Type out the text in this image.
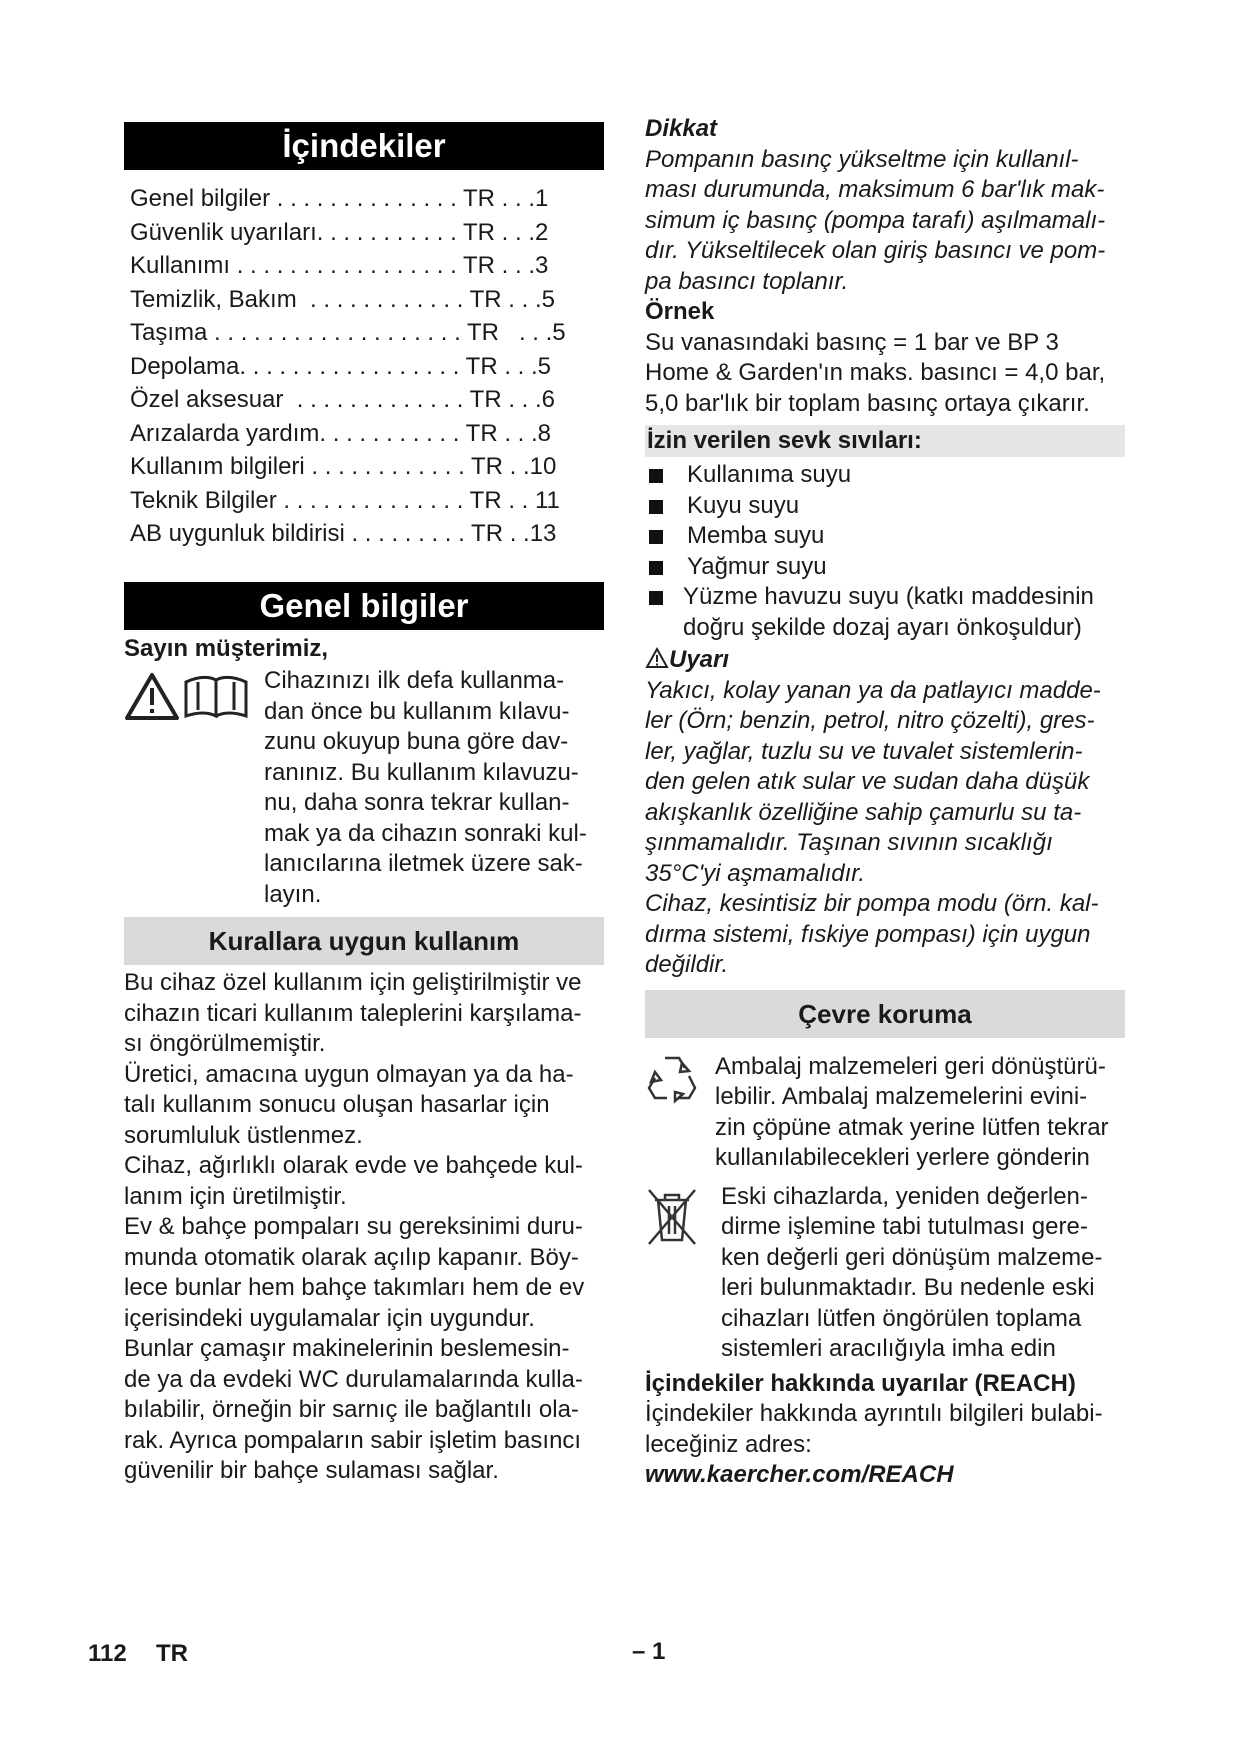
İçindekiler

Genel bilgiler . . . . . . . . . . . . . . TR . . .1

Güvenlik uyarıları. . . . . . . . . . . TR . . .2

Kullanımı . . . . . . . . . . . . . . . . . TR . . .3

Temizlik, Bakım  . . . . . . . . . . . . TR . . .5

Taşıma . . . . . . . . . . . . . . . . . . . TR   . . .5

Depolama. . . . . . . . . . . . . . . . . TR . . .5

Özel aksesuar  . . . . . . . . . . . . . TR . . .6

Arızalarda yardım. . . . . . . . . . . TR . . .8

Kullanım bilgileri . . . . . . . . . . . . TR . .10

Teknik Bilgiler . . . . . . . . . . . . . . TR . . 11

AB uygunluk bildirisi . . . . . . . . . TR . .13

Genel bilgiler

Sayın müşterimiz,

Cihazınızı ilk defa kullanma-

dan önce bu kullanım kılavu-

zunu okuyup buna göre dav-

ranınız. Bu kullanım kılavuzu-

nu, daha sonra tekrar kullan-

mak ya da cihazın sonraki kul-

lanıcılarına iletmek üzere sak-

layın.

Kurallara uygun kullanım

Bu cihaz özel kullanım için geliştirilmiştir ve

cihazın ticari kullanım taleplerini karşılama-

sı öngörülmemiştir.

Üretici, amacına uygun olmayan ya da ha-

talı kullanım sonucu oluşan hasarlar için

sorumluluk üstlenmez.

Cihaz, ağırlıklı olarak evde ve bahçede kul-

lanım için üretilmiştir.

Ev & bahçe pompaları su gereksinimi duru-

munda otomatik olarak açılıp kapanır. Böy-

lece bunlar hem bahçe takımları hem de ev

içerisindeki uygulamalar için uygundur.

Bunlar çamaşır makinelerinin beslemesin-

de ya da evdeki WC durulamalarında kulla-

bılabilir, örneğin bir sarnıç ile bağlantılı ola-

rak. Ayrıca pompaların sabir işletim basıncı

güvenilir bir bahçe sulaması sağlar.

Dikkat

Pompanın basınç yükseltme için kullanıl-

ması durumunda, maksimum 6 bar'lık mak-

simum iç basınç (pompa tarafı) aşılmamalı-

dır. Yükseltilecek olan giriş basıncı ve pom-

pa basıncı toplanır.

Örnek

Su vanasındaki basınç = 1 bar ve BP 3

Home & Garden'ın maks. basıncı = 4,0 bar,

5,0 bar'lık bir toplam basınç ortaya çıkarır.

İzin verilen sevk sıvıları:
Kullanıma suyu
Kuyu suyu
Memba suyu
Yağmur suyu
Yüzme havuzu suyu (katkı maddesinin
doğru şekilde dozaj ayarı önkoşuldur)

Uyarı

Yakıcı, kolay yanan ya da patlayıcı madde-

ler (Örn; benzin, petrol, nitro çözelti), gres-

ler, yağlar, tuzlu su ve tuvalet sistemlerin-

den gelen atık sular ve sudan daha düşük

akışkanlık özelliğine sahip çamurlu su ta-

şınmamalıdır. Taşınan sıvının sıcaklığı

35°C'yi aşmamalıdır.

Cihaz, kesintisiz bir pompa modu (örn. kal-

dırma sistemi, fıskiye pompası) için uygun

değildir.

Çevre koruma

Ambalaj malzemeleri geri dönüştürü-

lebilir. Ambalaj malzemelerini evini-

zin çöpüne atmak yerine lütfen tekrar

kullanılabilecekleri yerlere gönderin

Eski cihazlarda, yeniden değerlen-

dirme işlemine tabi tutulması gere-

ken değerli geri dönüşüm malzeme-

leri bulunmaktadır. Bu nedenle eski

cihazları lütfen öngörülen toplama

sistemleri aracılığıyla imha edin

İçindekiler hakkında uyarılar (REACH)

İçindekiler hakkında ayrıntılı bilgileri bulabi-

leceğiniz adres:

www.kaercher.com/REACH

112 TR	– 1
